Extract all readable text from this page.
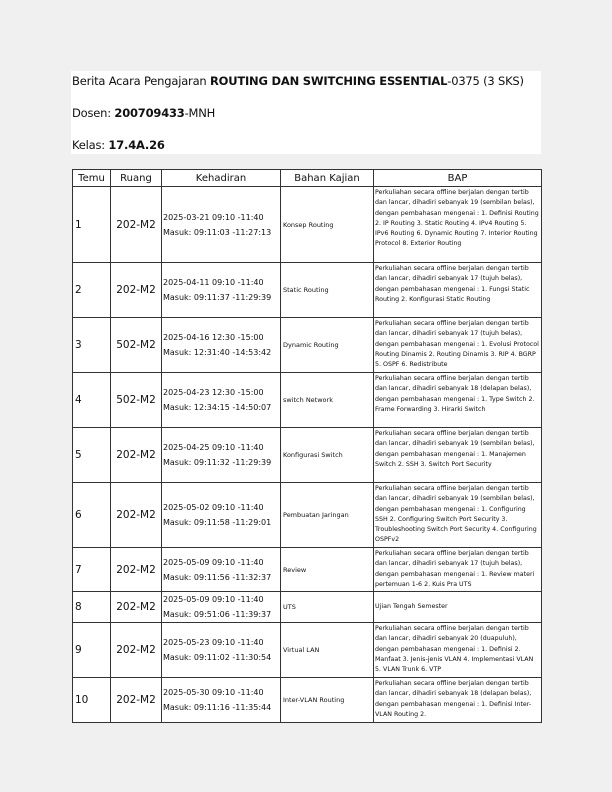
Berita Acara Pengajaran ROUTING DAN SWITCHING ESSENTIAL-0375 (3 SKS)
Dosen: 200709433-MNH
Kelas: 17.4A.26
Temu	Ruang	Kehadiran	Bahan Kajian	BAP
1	202-M2	2025-03-21 09:10 -11:40
Masuk: 09:11:03 -11:27:13	Konsep Routing	Perkuliahan secara offline berjalan dengan tertib dan lancar, dihadiri sebanyak 19 (sembilan belas), dengan pembahasan mengenai : 1. Definisi Routing 2. IP Routing 3. Static Routing 4. IPv4 Routing 5. IPv6 Routing 6. Dynamic Routing 7. Interior Routing Protocol 8. Exterior Routing
2	202-M2	2025-04-11 09:10 -11:40
Masuk: 09:11:37 -11:29:39	Static Routing	Perkuliahan secara offline berjalan dengan tertib dan lancar, dihadiri sebanyak 17 (tujuh belas), dengan pembahasan mengenai : 1. Fungsi Static Routing 2. Konfigurasi Static Routing
3	502-M2	2025-04-16 12:30 -15:00
Masuk: 12:31:40 -14:53:42	Dynamic Routing	Perkuliahan secara offline berjalan dengan tertib dan lancar, dihadiri sebanyak 17 (tujuh belas), dengan pembahasan mengenai : 1. Evolusi Protocol Routing Dinamis 2. Routing Dinamis 3. RIP 4. BGRP 5. OSPF 6. Redistribute
4	502-M2	2025-04-23 12:30 -15:00
Masuk: 12:34:15 -14:50:07	switch Network	Perkuliahan secara offline berjalan dengan tertib dan lancar, dihadiri sebanyak 18 (delapan belas), dengan pembahasan mengenai : 1. Type Switch 2. Frame Forwarding 3. Hirarki Switch
5	202-M2	2025-04-25 09:10 -11:40
Masuk: 09:11:32 -11:29:39	Konfigurasi Switch	Perkuliahan secara offline berjalan dengan tertib dan lancar, dihadiri sebanyak 19 (sembilan belas), dengan pembahasan mengenai : 1. Manajemen Switch 2. SSH 3. Switch Port Security
6	202-M2	2025-05-02 09:10 -11:40
Masuk: 09:11:58 -11:29:01	Pembuatan Jaringan	Perkuliahan secara offline berjalan dengan tertib dan lancar, dihadiri sebanyak 19 (sembilan belas), dengan pembahasan mengenai : 1. Configuring SSH 2. Configuring Switch Port Security 3. Troubleshooting Switch Port Security 4. Configuring OSPFv2
7	202-M2	2025-05-09 09:10 -11:40
Masuk: 09:11:56 -11:32:37	Review	Perkuliahan secara offline berjalan dengan tertib dan lancar, dihadiri sebanyak 17 (tujuh belas), dengan pembahasan mengenai : 1. Review materi pertemuan 1-6 2. Kuis Pra UTS
8	202-M2	2025-05-09 09:10 -11:40
Masuk: 09:51:06 -11:39:37	UTS	Ujian Tengah Semester
9	202-M2	2025-05-23 09:10 -11:40
Masuk: 09:11:02 -11:30:54	Virtual LAN	Perkuliahan secara offline berjalan dengan tertib dan lancar, dihadiri sebanyak 20 (duapuluh), dengan pembahasan mengenai : 1. Definisi 2. Manfaat 3. Jenis-jenis VLAN 4. Implementasi VLAN 5. VLAN Trunk 6. VTP
10	202-M2	2025-05-30 09:10 -11:40
Masuk: 09:11:16 -11:35:44	Inter-VLAN Routing	Perkuliahan secara offline berjalan dengan tertib dan lancar, dihadiri sebanyak 18 (delapan belas), dengan pembahasan mengenai : 1. Definisi Inter-VLAN Routing 2.
